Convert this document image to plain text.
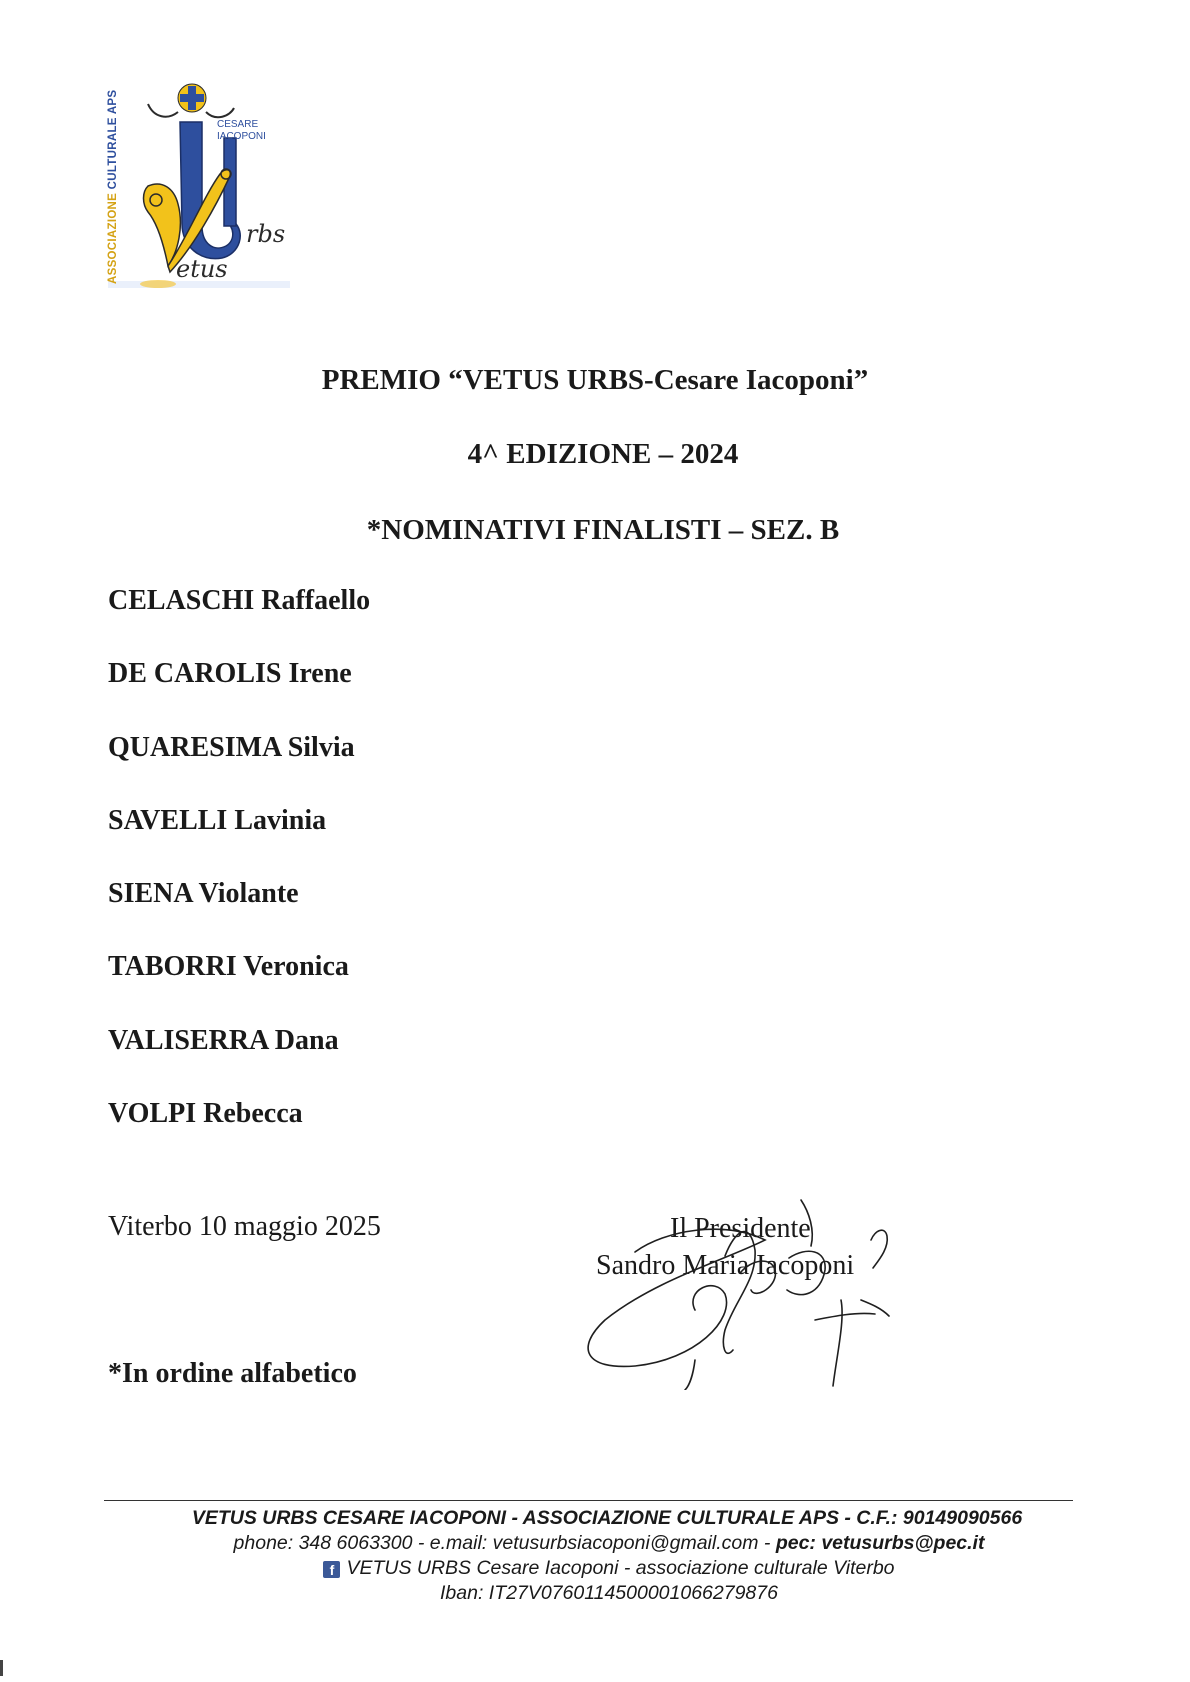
ASSOCIAZIONE CULTURALE APS	CESARE
IACOPONI
rbs
etus
PREMIO “VETUS URBS-Cesare Iacoponi”
4^ EDIZIONE – 2024
*NOMINATIVI FINALISTI – SEZ. B
CELASCHI Raffaello
DE CAROLIS Irene
QUARESIMA Silvia
SAVELLI Lavinia
SIENA Violante
TABORRI Veronica
VALISERRA Dana
VOLPI Rebecca
Viterbo 10 maggio 2025	Il Presidente
Sandro Maria Iacoponi
*In ordine alfabetico
VETUS URBS CESARE IACOPONI - ASSOCIAZIONE CULTURALE APS - C.F.: 90149090566
phone: 348 6063300 - e.mail: vetusurbsiacoponi@gmail.com - pec: vetusurbs@pec.it
f VETUS URBS Cesare Iacoponi - associazione culturale Viterbo
Iban: IT27V0760114500001066279876
